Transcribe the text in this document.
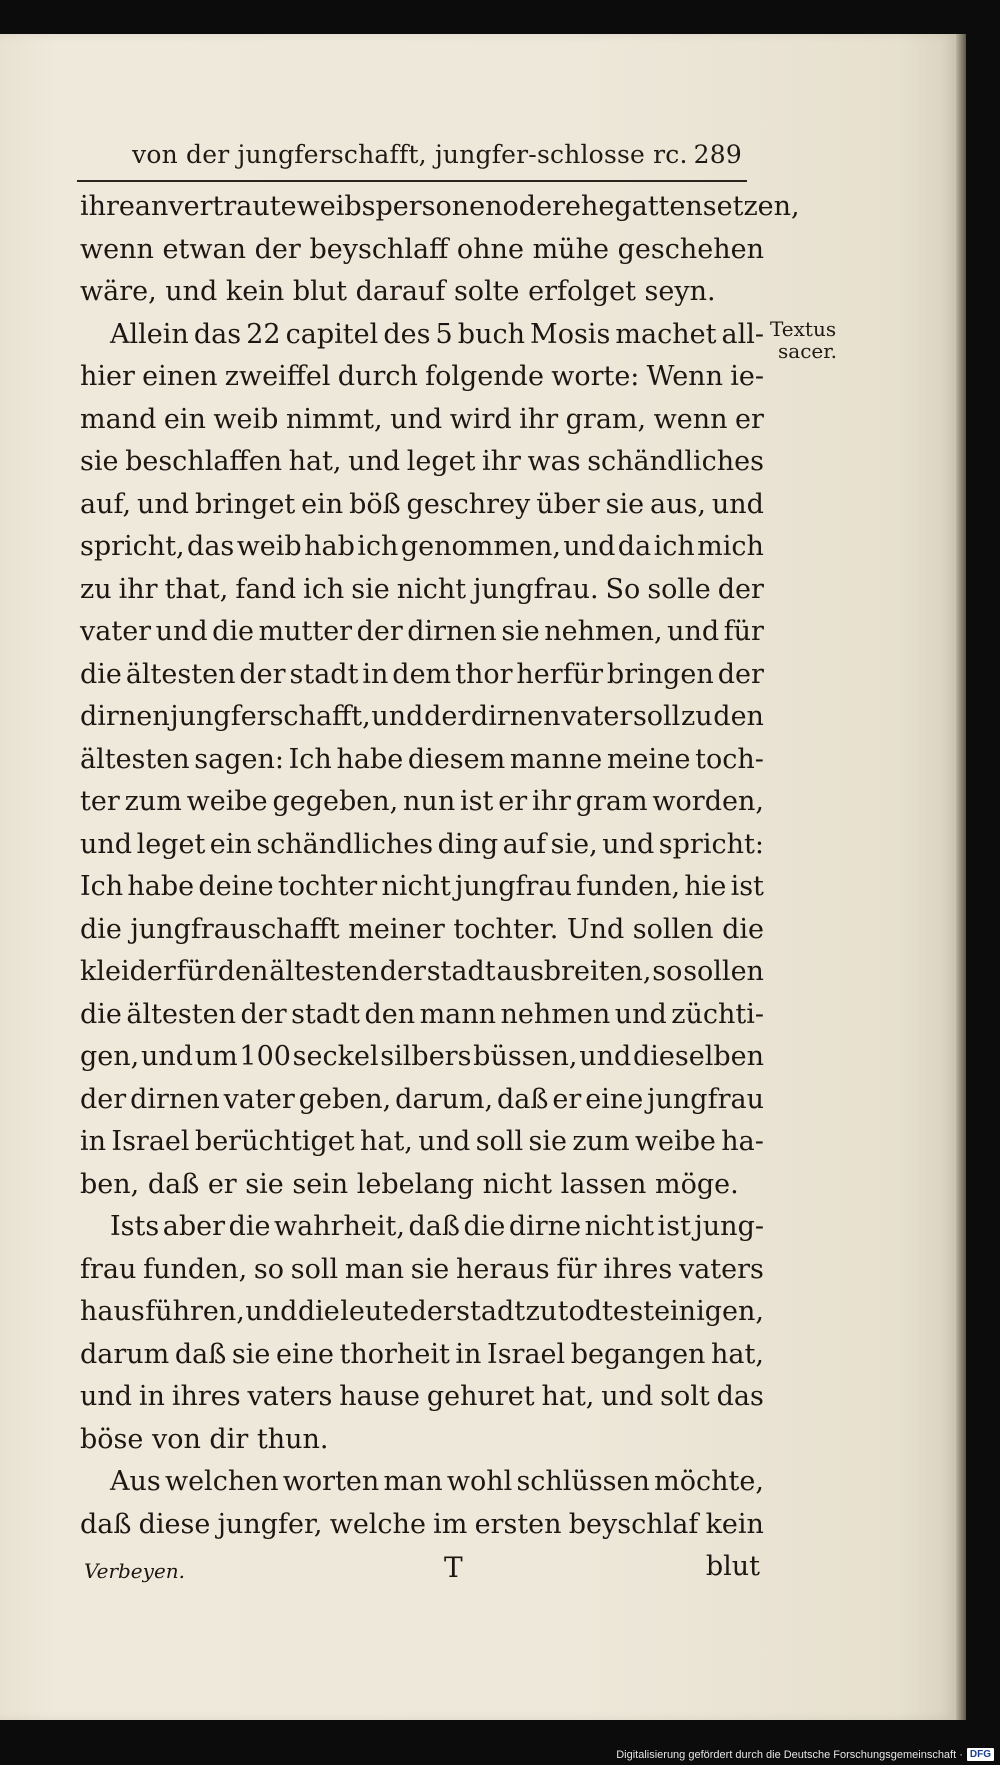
von der jungferschafft, jungfer-schlosse rc. 289
Textus
sacer.
ihre anvertraute weibspersonen oder ehegatten setzen,
wenn etwan der beyschlaff ohne mühe geschehen
wäre, und kein blut darauf solte erfolget seyn.
Allein das 22 capitel des 5 buch Mosis machet all-
hier einen zweiffel durch folgende worte: Wenn ie-
mand ein weib nimmt, und wird ihr gram, wenn er
sie beschlaffen hat, und leget ihr was schändliches
auf, und bringet ein böß geschrey über sie aus, und
spricht, das weib hab ich genommen, und da ich mich
zu ihr that, fand ich sie nicht jungfrau. So solle der
vater und die mutter der dirnen sie nehmen, und für
die ältesten der stadt in dem thor herfür bringen der
dirnen jungferschafft, und der dirnen vater soll zu den
ältesten sagen: Ich habe diesem manne meine toch-
ter zum weibe gegeben, nun ist er ihr gram worden,
und leget ein schändliches ding auf sie, und spricht:
Ich habe deine tochter nicht jungfrau funden, hie ist
die jungfrauschafft meiner tochter. Und sollen die
kleider für den ältesten der stadt ausbreiten, so sollen
die ältesten der stadt den mann nehmen und züchti-
gen, und um 100 seckel silbers büssen, und dieselben
der dirnen vater geben, darum, daß er eine jungfrau
in Israel berüchtiget hat, und soll sie zum weibe ha-
ben, daß er sie sein lebelang nicht lassen möge.
Ists aber die wahrheit, daß die dirne nicht ist jung-
frau funden, so soll man sie heraus für ihres vaters
haus führen, und die leute der stadt zu todte steinigen,
darum daß sie eine thorheit in Israel begangen hat,
und in ihres vaters hause gehuret hat, und solt das
böse von dir thun.
Aus welchen worten man wohl schlüssen möchte,
daß diese jungfer, welche im ersten beyschlaf kein
Verbeyen.	T	blut
Digitalisierung gefördert durch die Deutsche Forschungsgemeinschaft · DFG
